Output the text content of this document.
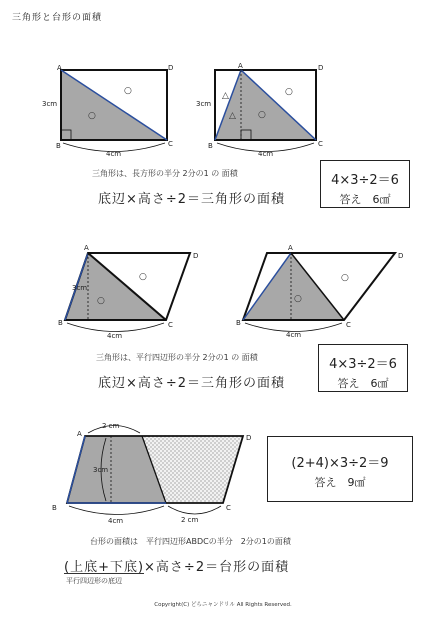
三角形と台形の面積
○
○
A	D
B	C
3cm
4cm
△
△
○
○
A	D
B	C
3cm
4cm
○
○
A
D
B	C
3cm
4cm
○
○
A
D
B	C
4cm
2 cm
3cm
4cm	2 cm
A	D
B	C
三角形は、長方形の半分 2分の1 の 面積
底辺×高さ÷2＝三角形の面積
4×3÷2＝6
答え　6㎠
三角形は、平行四辺形の半分 2分の1 の 面積
底辺×高さ÷2＝三角形の面積
4×3÷2＝6
答え　6㎠
(2+4)×3÷2＝9
答え　9㎠
台形の面積は　平行四辺形ABDCの半分　2分の1の面積
(上底+下底)×高さ÷2＝台形の面積
平行四辺形の底辺
Copyright(C) どらニャンドリル All Rights Reserved.
